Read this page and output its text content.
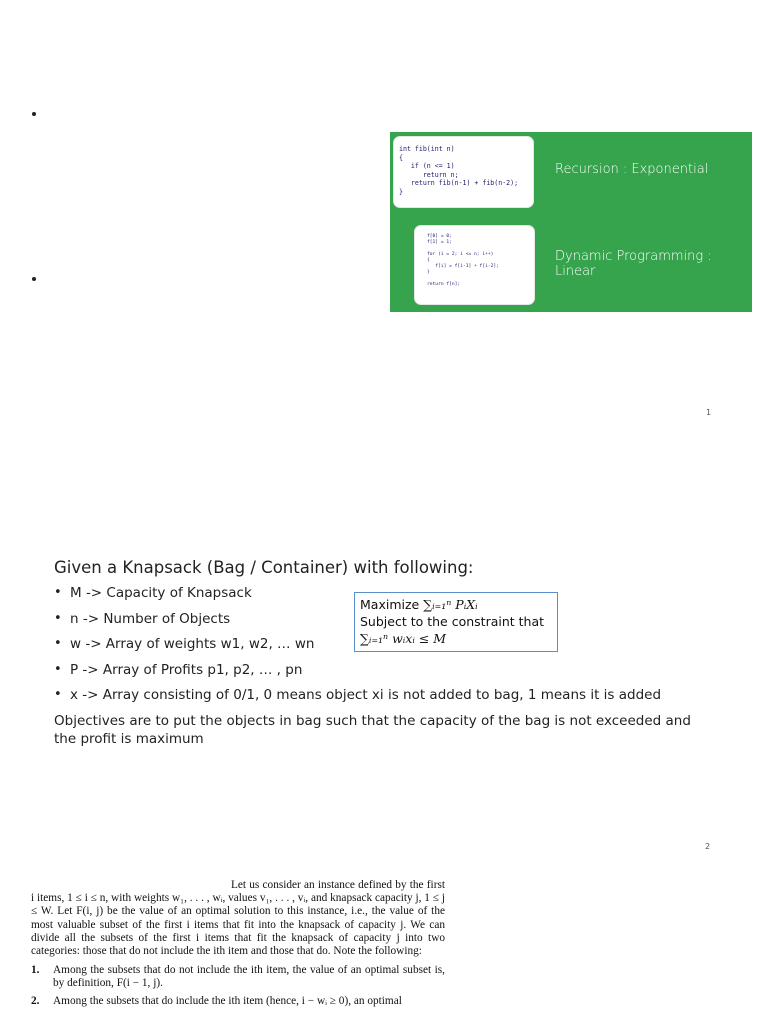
int fib(int n)
{
if (n <= 1)
return n;
return fib(n-1) + fib(n-2);
}
Recursion : Exponential
f[0] = 0;
f[1] = 1;

for (i = 2; i <= n; i++)
{
f[i] = f[i-1] + f[i-2];
}

return f[n];
Dynamic Programming : Linear
1
Given a Knapsack (Bag / Container) with following:
• M -> Capacity of Knapsack
• n -> Number of Objects
• w -> Array of weights w1, w2, … wn
• P -> Array of Profits p1, p2, … , pn
• x -> Array consisting of 0/1, 0 means object xi is not added to bag, 1 means it is added
Maximize ∑ᵢ₌₁ⁿ PᵢXᵢ
Subject to the constraint that
∑ᵢ₌₁ⁿ wᵢxᵢ ≤ M
Objectives are to put the objects in bag such that the capacity of the bag is not exceeded and the profit is maximum
2

Let us consider an instance defined by the first i items, 1 ≤ i ≤ n, with weights w₁, . . . , wᵢ, values v₁, . . . , vᵢ, and knapsack capacity j, 1 ≤ j ≤ W. Let F(i, j) be the value of an optimal solution to this instance, i.e., the value of the most valuable subset of the first i items that fit into the knapsack of capacity j. We can divide all the subsets of the first i items that fit the knapsack of capacity j into two categories: those that do not include the ith item and those that do. Note the following:

1.	Among the subsets that do not include the ith item, the value of an optimal subset is, by definition, F(i − 1, j).
2.	Among the subsets that do include the ith item (hence, i − wᵢ ≥ 0), an optimal
